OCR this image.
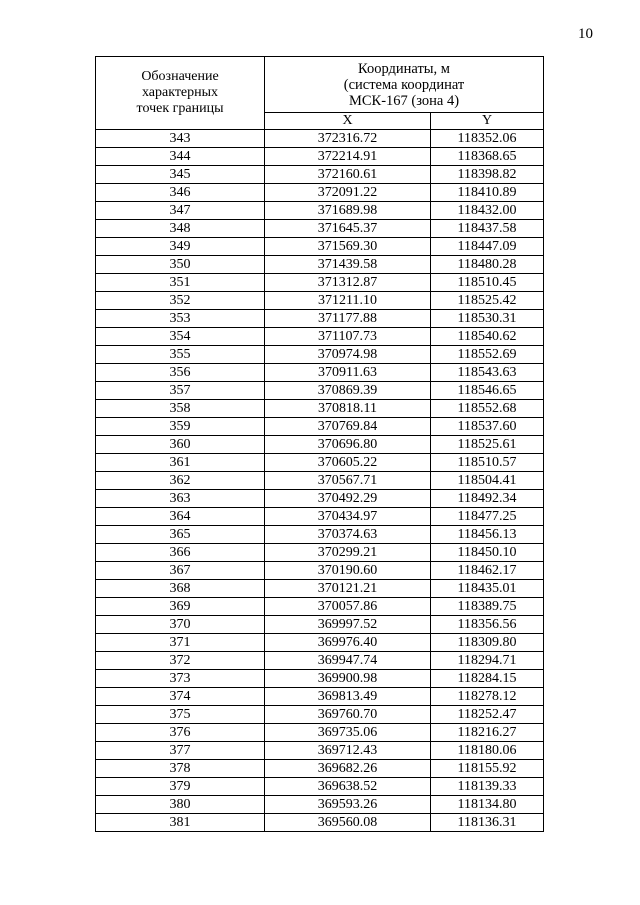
10
Обозначение
характерных
точек границы	Координаты, м
(система координат
МСК-167 (зона 4)	

	X	Y
343	372316.72	118352.06
344	372214.91	118368.65
345	372160.61	118398.82
346	372091.22	118410.89
347	371689.98	118432.00
348	371645.37	118437.58
349	371569.30	118447.09
350	371439.58	118480.28
351	371312.87	118510.45
352	371211.10	118525.42
353	371177.88	118530.31
354	371107.73	118540.62
355	370974.98	118552.69
356	370911.63	118543.63
357	370869.39	118546.65
358	370818.11	118552.68
359	370769.84	118537.60
360	370696.80	118525.61
361	370605.22	118510.57
362	370567.71	118504.41
363	370492.29	118492.34
364	370434.97	118477.25
365	370374.63	118456.13
366	370299.21	118450.10
367	370190.60	118462.17
368	370121.21	118435.01
369	370057.86	118389.75
370	369997.52	118356.56
371	369976.40	118309.80
372	369947.74	118294.71
373	369900.98	118284.15
374	369813.49	118278.12
375	369760.70	118252.47
376	369735.06	118216.27
377	369712.43	118180.06
378	369682.26	118155.92
379	369638.52	118139.33
380	369593.26	118134.80
381	369560.08	118136.31
